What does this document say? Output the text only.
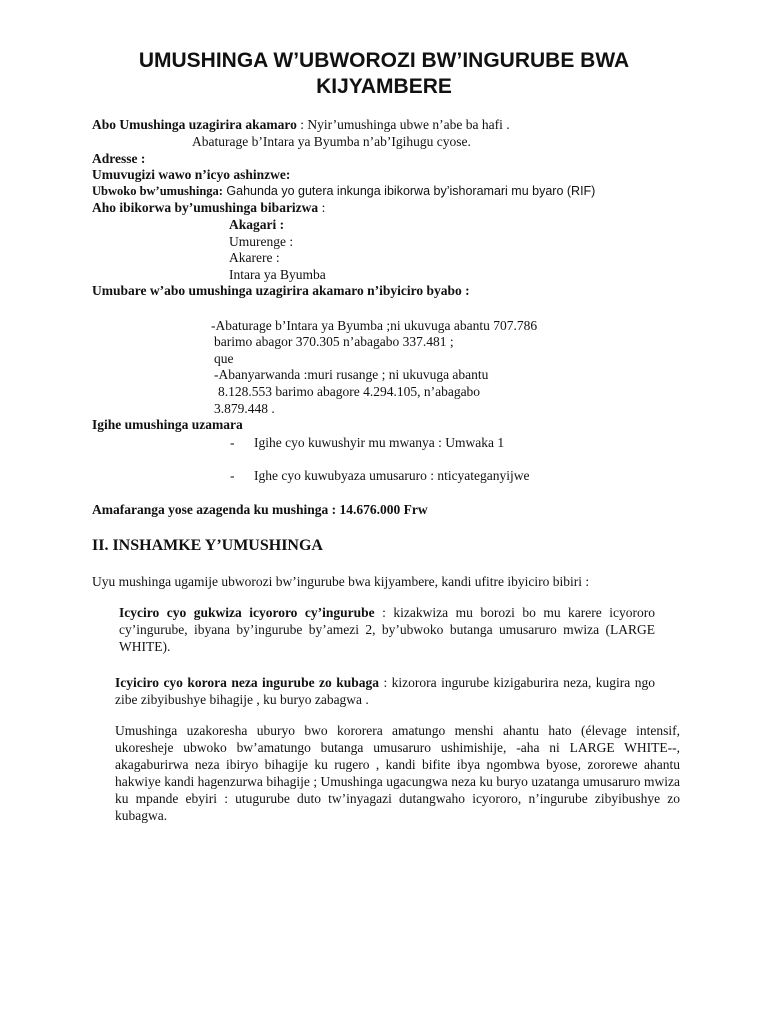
UMUSHINGA W’UBWOROZI BW’INGURUBE BWA
KIJYAMBERE
Abo Umushinga uzagirira akamaro : Nyir’umushinga ubwe n’abe ba hafi .
Abaturage b’Intara ya Byumba n’ab’Igihugu cyose.
Adresse :
Umuvugizi wawo n’icyo ashinzwe:
Ubwoko bw’umushinga: Gahunda yo gutera inkunga ibikorwa by’ishoramari mu byaro (RIF)
Aho ibikorwa by’umushinga bibarizwa :
Akagari :
Umurenge :
Akarere :
Intara ya Byumba
Umubare w’abo umushinga uzagirira akamaro n’ibyiciro byabo :
-Abaturage b’Intara ya Byumba ;ni ukuvuga abantu 707.786
barimo abagor 370.305 n’abagabo 337.481 ;
que
-Abanyarwanda :muri rusange ; ni ukuvuga abantu
8.128.553 barimo abagore 4.294.105, n’abagabo
3.879.448 .
Igihe umushinga uzamara
- Igihe cyo kuwushyir mu mwanya : Umwaka 1
- Ighe cyo kuwubyaza umusaruro : nticyateganyijwe
Amafaranga yose azagenda ku mushinga : 14.676.000 Frw
II. INSHAMKE Y’UMUSHINGA
Uyu mushinga ugamije ubworozi bw’ingurube bwa kijyambere, kandi ufitre ibyiciro bibiri :
Icyciro cyo gukwiza icyororo cy’ingurube : kizakwiza mu borozi bo mu karere icyororo cy’ingurube, ibyana by’ingurube by’amezi 2, by’ubwoko butanga umusaruro mwiza (LARGE WHITE).
Icyiciro cyo korora neza ingurube zo kubaga : kizorora ingurube kizigaburira neza, kugira ngo zibe zibyibushye bihagije , ku buryo zabagwa .
Umushinga uzakoresha uburyo bwo kororera amatungo menshi ahantu hato (élevage intensif, ukoresheje ubwoko bw’amatungo butanga umusaruro ushimishije, -aha ni LARGE WHITE--, akagaburirwa neza ibiryo bihagije ku rugero , kandi bifite ibya ngombwa byose, zororewe ahantu hakwiye kandi hagenzurwa bihagije ; Umushinga ugacungwa neza ku buryo uzatanga umusaruro mwiza ku mpande ebyiri : utugurube duto tw’inyagazi dutangwaho icyororo, n’ingurube zibyibushye zo kubagwa.
